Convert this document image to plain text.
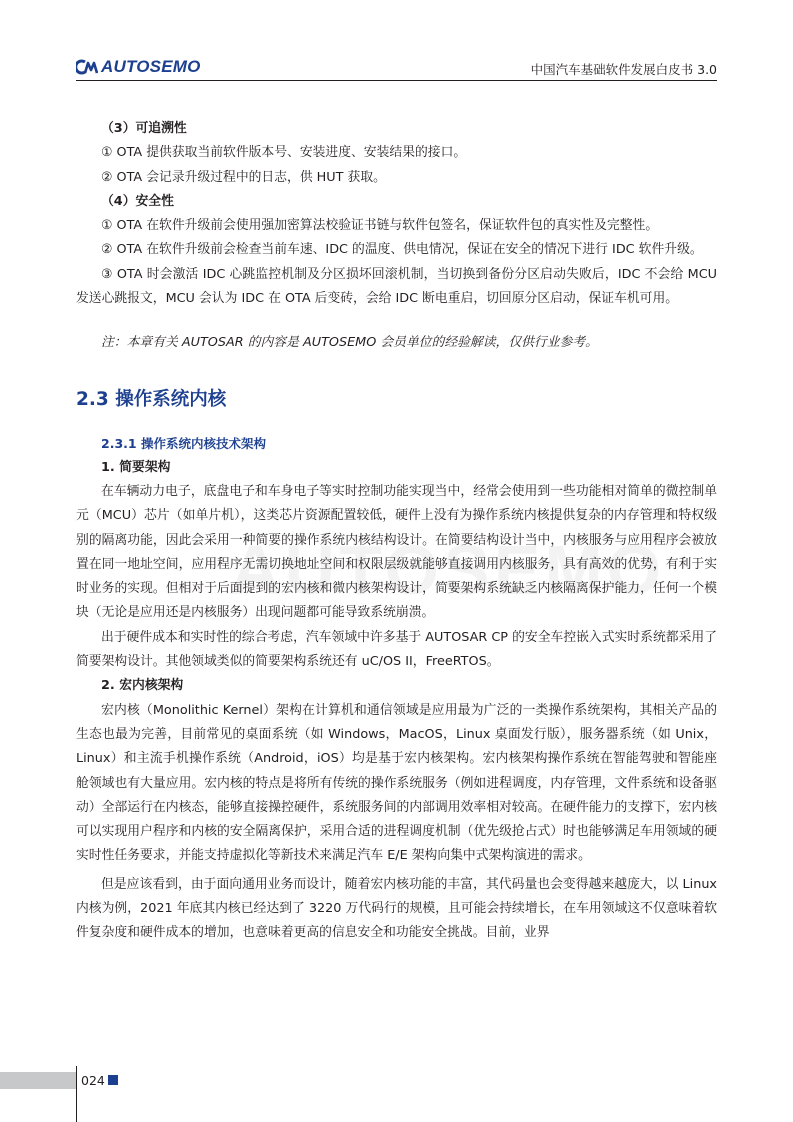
AUTOSEMO	中国汽车基础软件发展白皮书 3.0

（3）可追溯性

① OTA 提供获取当前软件版本号、安装进度、安装结果的接口。

② OTA 会记录升级过程中的日志，供 HUT 获取。

（4）安全性

① OTA 在软件升级前会使用强加密算法校验证书链与软件包签名，保证软件包的真实性及完整性。

② OTA 在软件升级前会检查当前车速、IDC 的温度、供电情况，保证在安全的情况下进行 IDC 软件升级。

③ OTA 时会激活 IDC 心跳监控机制及分区损坏回滚机制，当切换到备份分区启动失败后，IDC 不会给 MCU 发送心跳报文，MCU 会认为 IDC 在 OTA 后变砖，会给 IDC 断电重启，切回原分区启动，保证车机可用。

注：本章有关 AUTOSAR 的内容是 AUTOSEMO 会员单位的经验解读，仅供行业参考。

2.3 操作系统内核

2.3.1 操作系统内核技术架构

1. 简要架构

在车辆动力电子，底盘电子和车身电子等实时控制功能实现当中，经常会使用到一些功能相对简单的微控制单元（MCU）芯片（如单片机），这类芯片资源配置较低，硬件上没有为操作系统内核提供复杂的内存管理和特权级别的隔离功能，因此会采用一种简要的操作系统内核结构设计。在简要结构设计当中，内核服务与应用程序会被放置在同一地址空间，应用程序无需切换地址空间和权限层级就能够直接调用内核服务，具有高效的优势，有利于实时业务的实现。但相对于后面提到的宏内核和微内核架构设计，简要架构系统缺乏内核隔离保护能力，任何一个模块（无论是应用还是内核服务）出现问题都可能导致系统崩溃。

出于硬件成本和实时性的综合考虑，汽车领域中许多基于 AUTOSAR CP 的安全车控嵌入式实时系统都采用了简要架构设计。其他领域类似的简要架构系统还有 uC/OS II，FreeRTOS。

2. 宏内核架构

宏内核（Monolithic Kernel）架构在计算机和通信领域是应用最为广泛的一类操作系统架构，其相关产品的生态也最为完善，目前常见的桌面系统（如 Windows，MacOS，Linux 桌面发行版），服务器系统（如 Unix，Linux）和主流手机操作系统（Android，iOS）均是基于宏内核架构。宏内核架构操作系统在智能驾驶和智能座舱领域也有大量应用。宏内核的特点是将所有传统的操作系统服务（例如进程调度，内存管理，文件系统和设备驱动）全部运行在内核态，能够直接操控硬件，系统服务间的内部调用效率相对较高。在硬件能力的支撑下，宏内核可以实现用户程序和内核的安全隔离保护，采用合适的进程调度机制（优先级抢占式）时也能够满足车用领域的硬实时性任务要求，并能支持虚拟化等新技术来满足汽车 E/E 架构向集中式架构演进的需求。

但是应该看到，由于面向通用业务而设计，随着宏内核功能的丰富，其代码量也会变得越来越庞大，以 Linux 内核为例，2021 年底其内核已经达到了 3220 万代码行的规模，且可能会持续增长，在车用领域这不仅意味着软件复杂度和硬件成本的增加，也意味着更高的信息安全和功能安全挑战。目前，业界

024
